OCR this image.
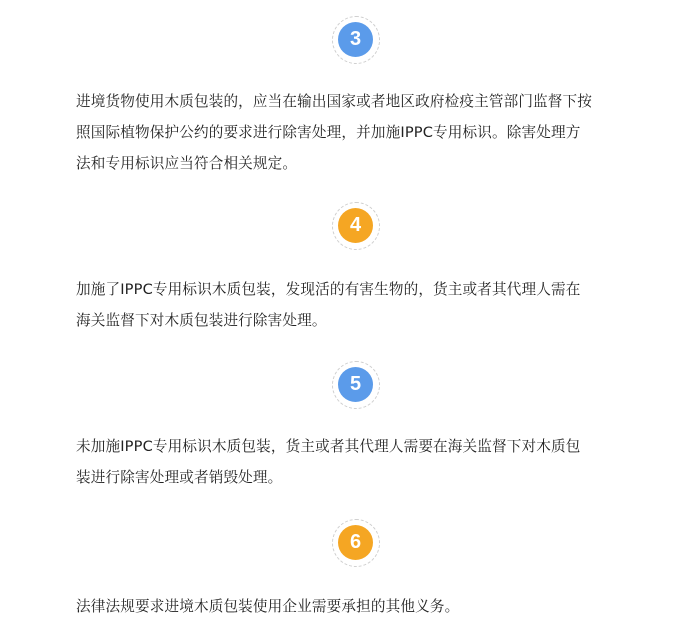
3
进境货物使用木质包装的，应当在输出国家或者地区政府检疫主管部门监督下按
照国际植物保护公约的要求进行除害处理，并加施IPPC专用标识。除害处理方
法和专用标识应当符合相关规定。
4
加施了IPPC专用标识木质包装，发现活的有害生物的，货主或者其代理人需在
海关监督下对木质包装进行除害处理。
5
未加施IPPC专用标识木质包装，货主或者其代理人需要在海关监督下对木质包
装进行除害处理或者销毁处理。
6
法律法规要求进境木质包装使用企业需要承担的其他义务。
